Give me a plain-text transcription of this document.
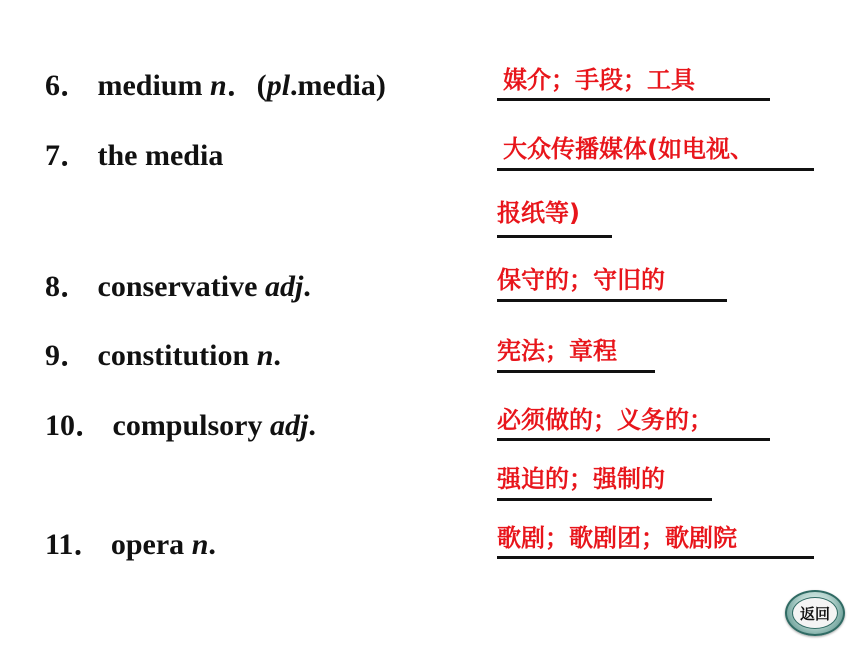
6． medium n．(pl.media)	媒介；手段；工具
7． the media	大众传播媒体(如电视、
报纸等)
8． conservative adj.	保守的；守旧的
9． constitution n.	宪法；章程
10． compulsory adj.	必须做的；义务的；
强迫的；强制的
11． opera n.	歌剧；歌剧团；歌剧院
返回
